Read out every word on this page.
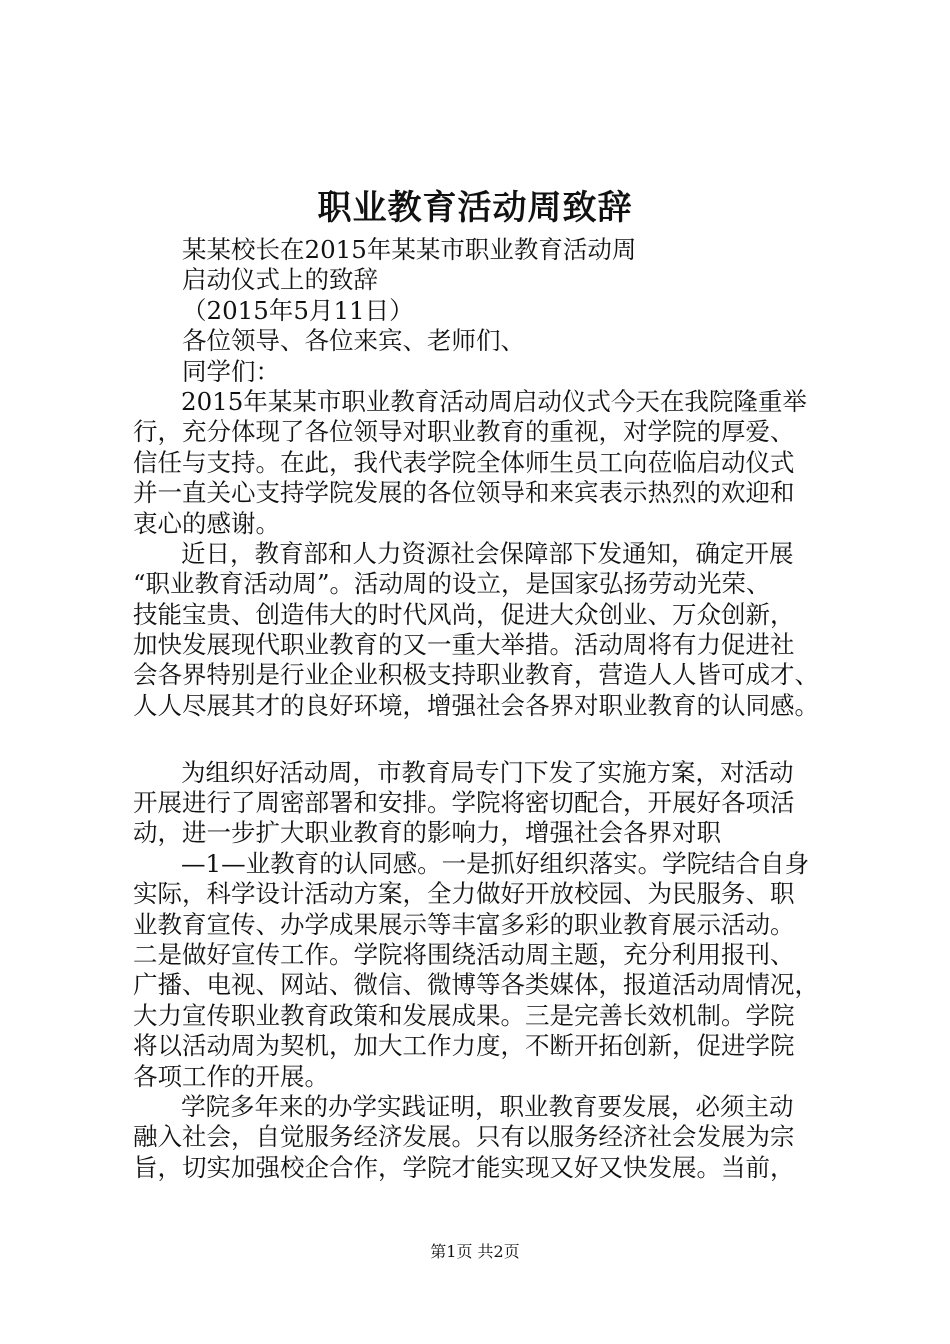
职业教育活动周致辞
某某校长在2015年某某市职业教育活动周
启动仪式上的致辞
（2015年5月11日）
各位领导、各位来宾、老师们、
同学们：
2015年某某市职业教育活动周启动仪式今天在我院隆重举
行，充分体现了各位领导对职业教育的重视，对学院的厚爱、
信任与支持。在此，我代表学院全体师生员工向莅临启动仪式
并一直关心支持学院发展的各位领导和来宾表示热烈的欢迎和
衷心的感谢。
近日，教育部和人力资源社会保障部下发通知，确定开展
“职业教育活动周”。活动周的设立，是国家弘扬劳动光荣、
技能宝贵、创造伟大的时代风尚，促进大众创业、万众创新，
加快发展现代职业教育的又一重大举措。活动周将有力促进社
会各界特别是行业企业积极支持职业教育，营造人人皆可成才、
人人尽展其才的良好环境，增强社会各界对职业教育的认同感。
为组织好活动周，市教育局专门下发了实施方案，对活动
开展进行了周密部署和安排。学院将密切配合，开展好各项活
动，进一步扩大职业教育的影响力，增强社会各界对职
—1—业教育的认同感。一是抓好组织落实。学院结合自身
实际，科学设计活动方案，全力做好开放校园、为民服务、职
业教育宣传、办学成果展示等丰富多彩的职业教育展示活动。
二是做好宣传工作。学院将围绕活动周主题，充分利用报刊、
广播、电视、网站、微信、微博等各类媒体，报道活动周情况，
大力宣传职业教育政策和发展成果。三是完善长效机制。学院
将以活动周为契机，加大工作力度，不断开拓创新，促进学院
各项工作的开展。
学院多年来的办学实践证明，职业教育要发展，必须主动
融入社会，自觉服务经济发展。只有以服务经济社会发展为宗
旨，切实加强校企合作，学院才能实现又好又快发展。当前，
第1页 共2页
